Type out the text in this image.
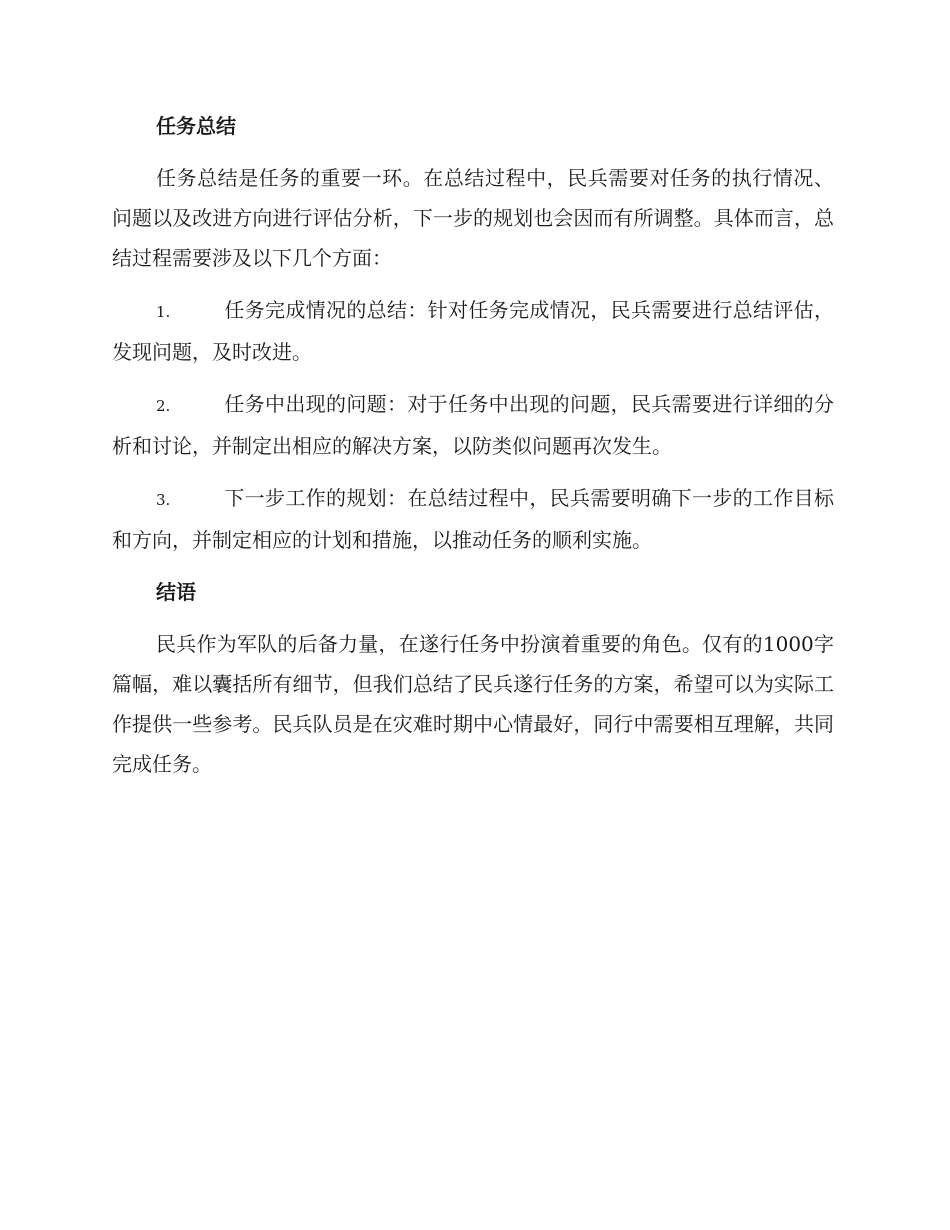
任务总结

任务总结是任务的重要一环。在总结过程中，民兵需要对任务的执行情况、问题以及改进方向进行评估分析，下一步的规划也会因而有所调整。具体而言，总结过程需要涉及以下几个方面：

1.	任务完成情况的总结：针对任务完成情况，民兵需要进行总结评估，发现问题，及时改进。

2.	任务中出现的问题：对于任务中出现的问题，民兵需要进行详细的分析和讨论，并制定出相应的解决方案，以防类似问题再次发生。

3.	下一步工作的规划：在总结过程中，民兵需要明确下一步的工作目标和方向，并制定相应的计划和措施，以推动任务的顺利实施。

结语

民兵作为军队的后备力量，在遂行任务中扮演着重要的角色。仅有的1000字篇幅，难以囊括所有细节，但我们总结了民兵遂行任务的方案，希望可以为实际工作提供一些参考。民兵队员是在灾难时期中心情最好，同行中需要相互理解，共同完成任务。
